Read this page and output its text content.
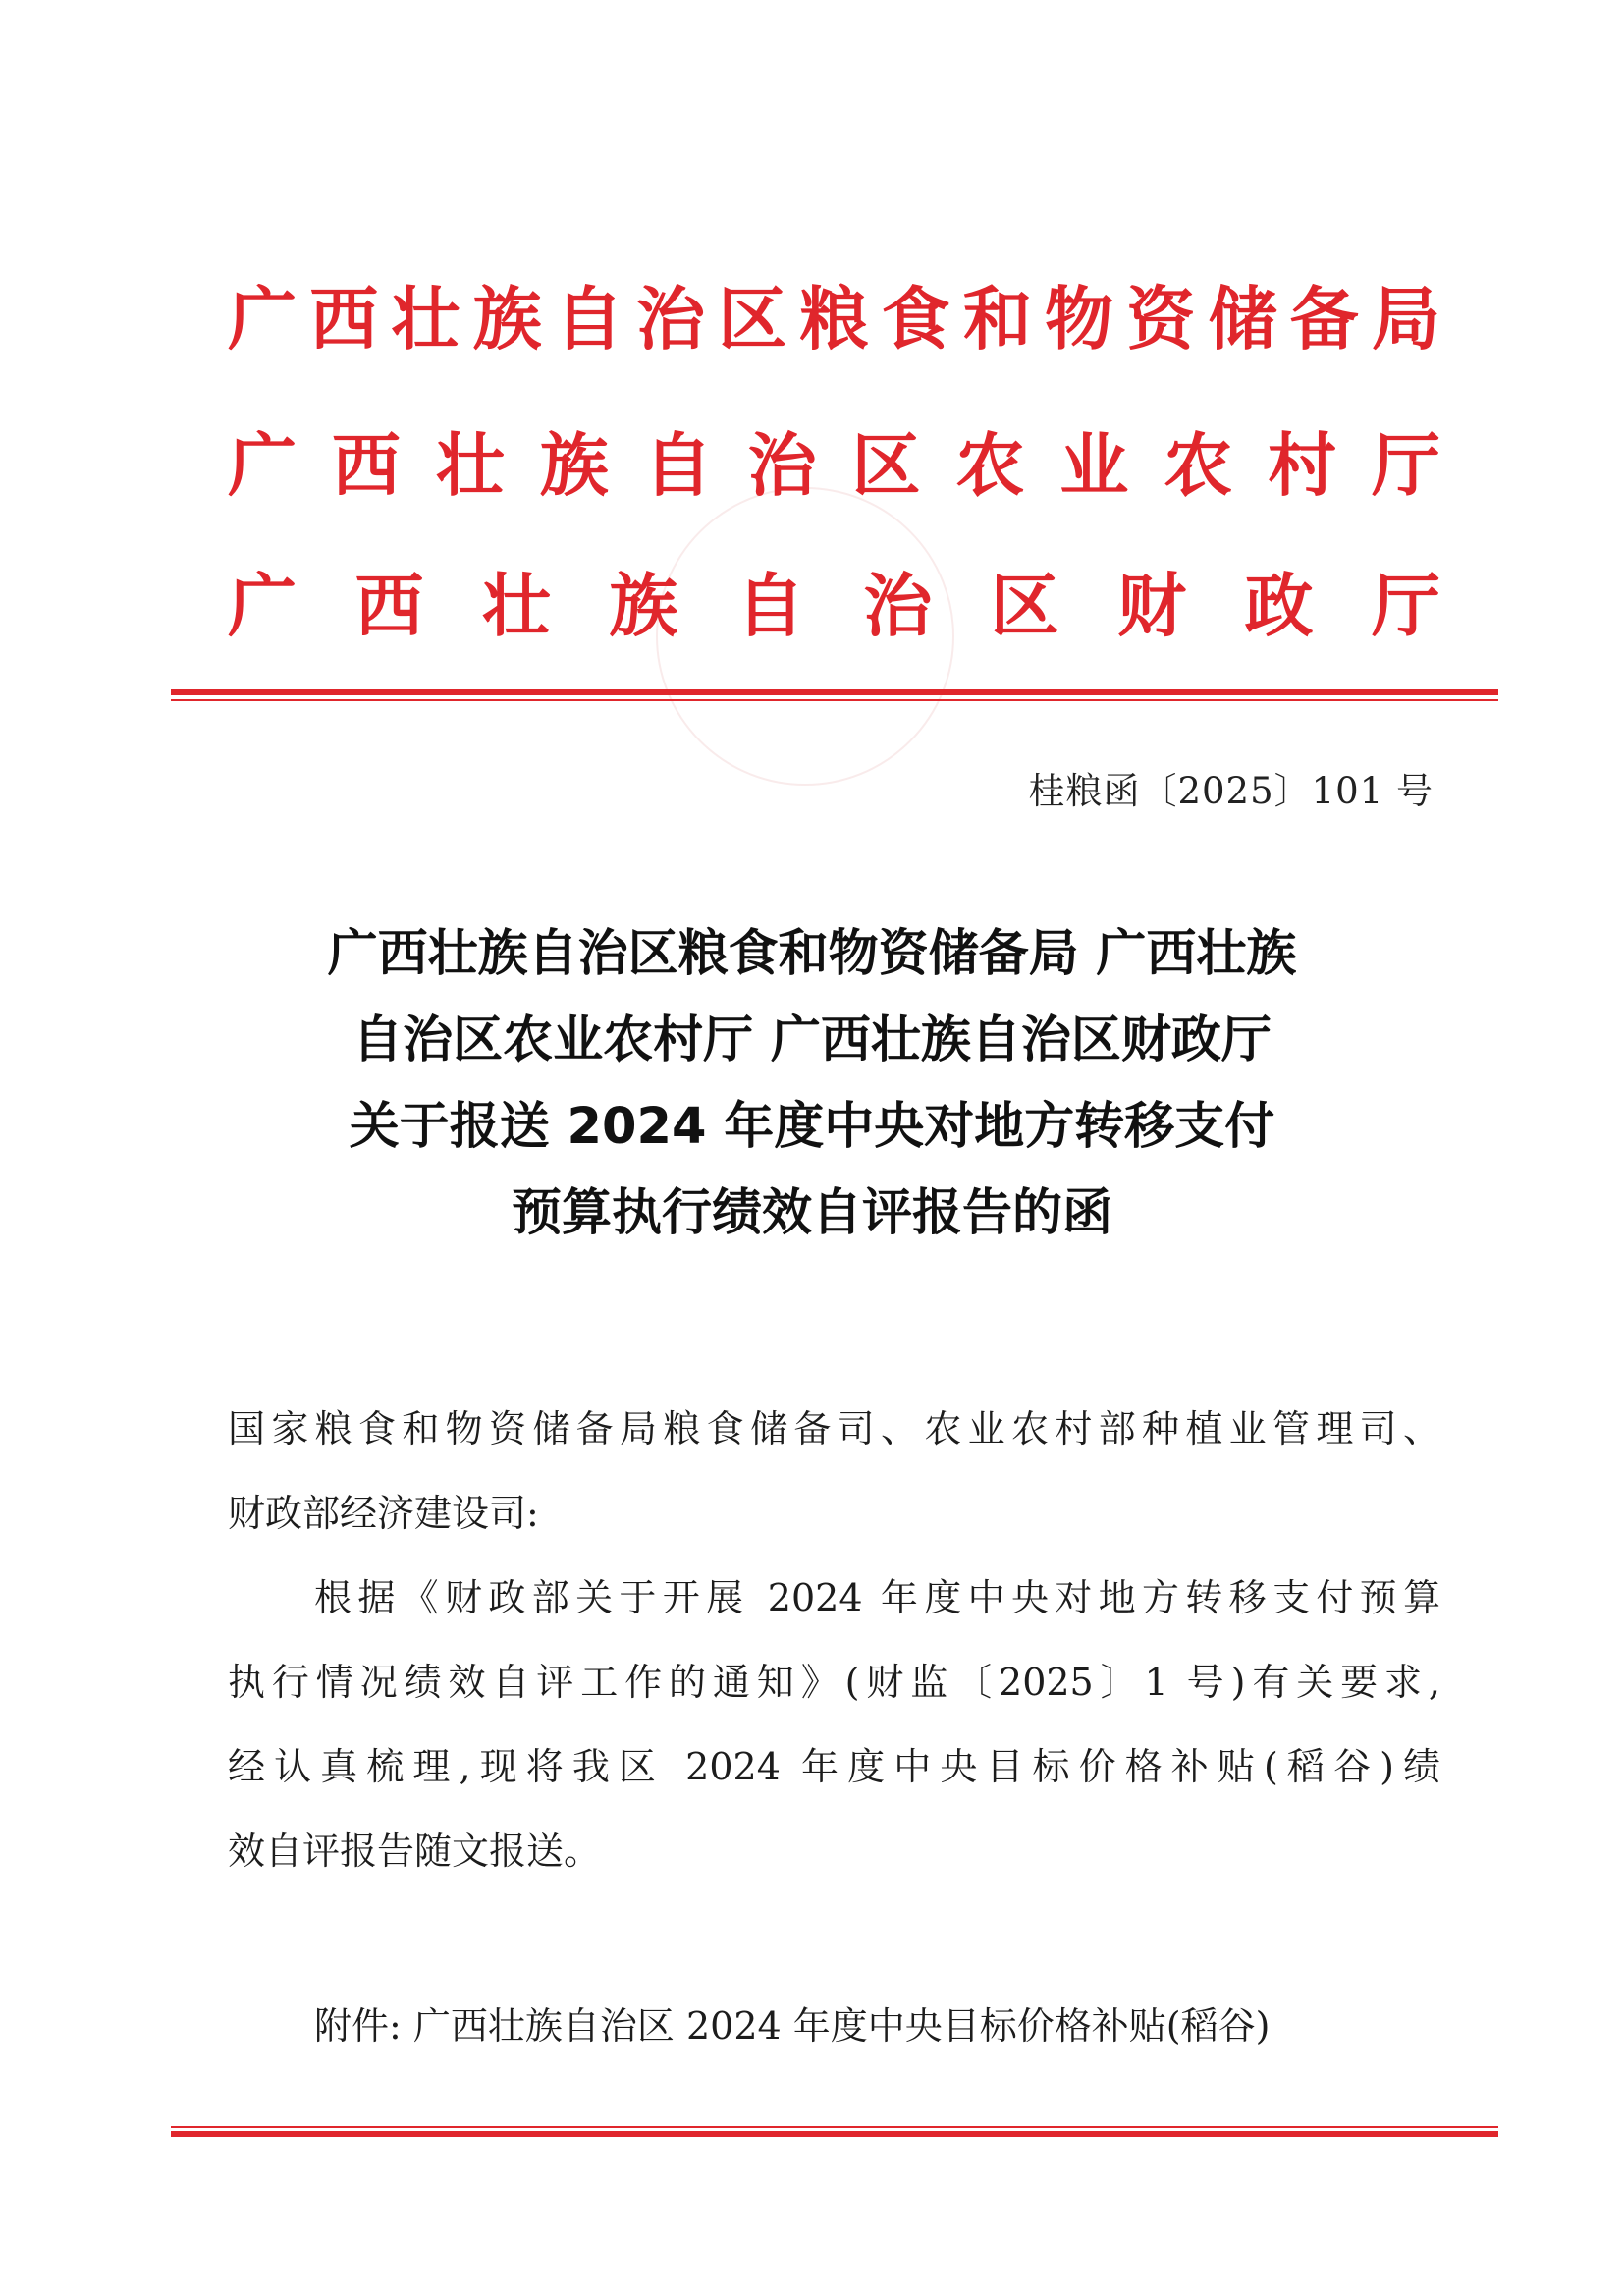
广 西 壮 族 自 治 区 粮 食 和 物 资 储 备 局
广 西 壮 族 自 治 区 农 业 农 村 厅
广 西 壮 族 自 治 区 财 政 厅
桂粮函〔2025〕101 号
广西壮族自治区粮食和物资储备局 广西壮族
自治区农业农村厅 广西壮族自治区财政厅
关于报送 2024 年度中央对地方转移支付
预算执行绩效自评报告的函
国家粮食和物资储备局粮食储备司、农业农村部种植业管理司、
财政部经济建设司:
根据《财政部关于开展 2024 年度中央对地方转移支付预算
执行情况绩效自评工作的通知》(财监〔2025〕1 号)有关要求,
经认真梳理,现将我区 2024 年度中央目标价格补贴(稻谷)绩
效自评报告随文报送。
附件: 广西壮族自治区 2024 年度中央目标价格补贴(稻谷)
